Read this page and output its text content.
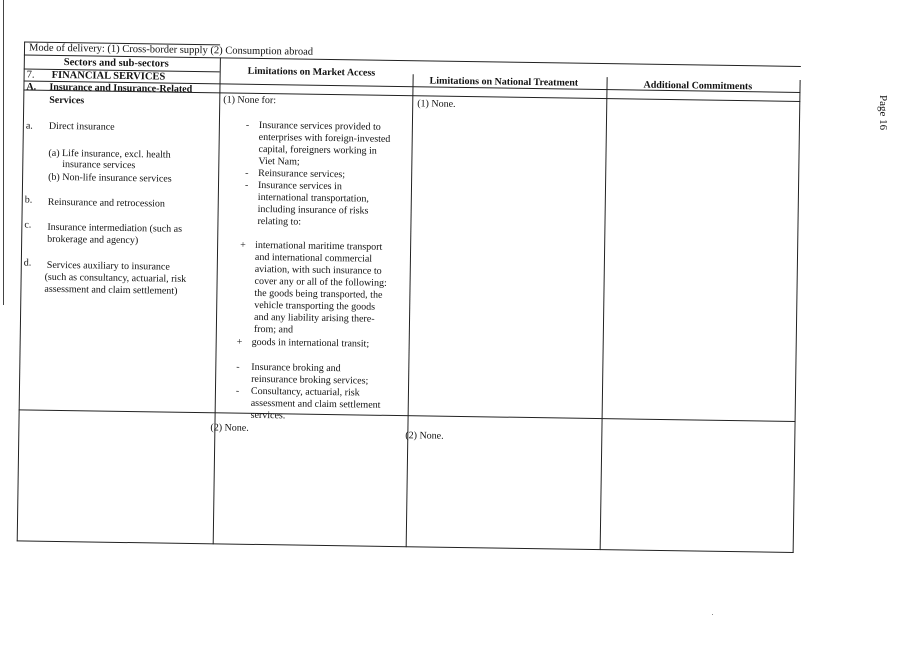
Page 16
Mode of delivery: (1) Cross-border supply (2) Consumption abroad
Sectors and sub-sectors
Limitations on Market Access
Limitations on National Treatment	Additional Commitments
7. FINANCIAL SERVICES
A. Insurance and Insurance-Related
Services
a. Direct insurance
(a) Life insurance, excl. health
insurance services
(b) Non-life insurance services
b. Reinsurance and retrocession
c. Insurance intermediation (such as
brokerage and agency)
d. Services auxiliary to insurance
(such as consultancy, actuarial, risk
assessment and claim settlement)
(1) None for:
- Insurance services provided to
enterprises with foreign-invested
capital, foreigners working in
Viet Nam;
- Reinsurance services;
- Insurance services in
international transportation,
including insurance of risks
relating to:
+ international maritime transport
and international commercial
aviation, with such insurance to
cover any or all of the following:
the goods being transported, the
vehicle transporting the goods
and any liability arising there-
from; and
+ goods in international transit;
- Insurance broking and
reinsurance broking services;
- Consultancy, actuarial, risk
assessment and claim settlement
services.
(2) None.
(1) None.
(2) None.
